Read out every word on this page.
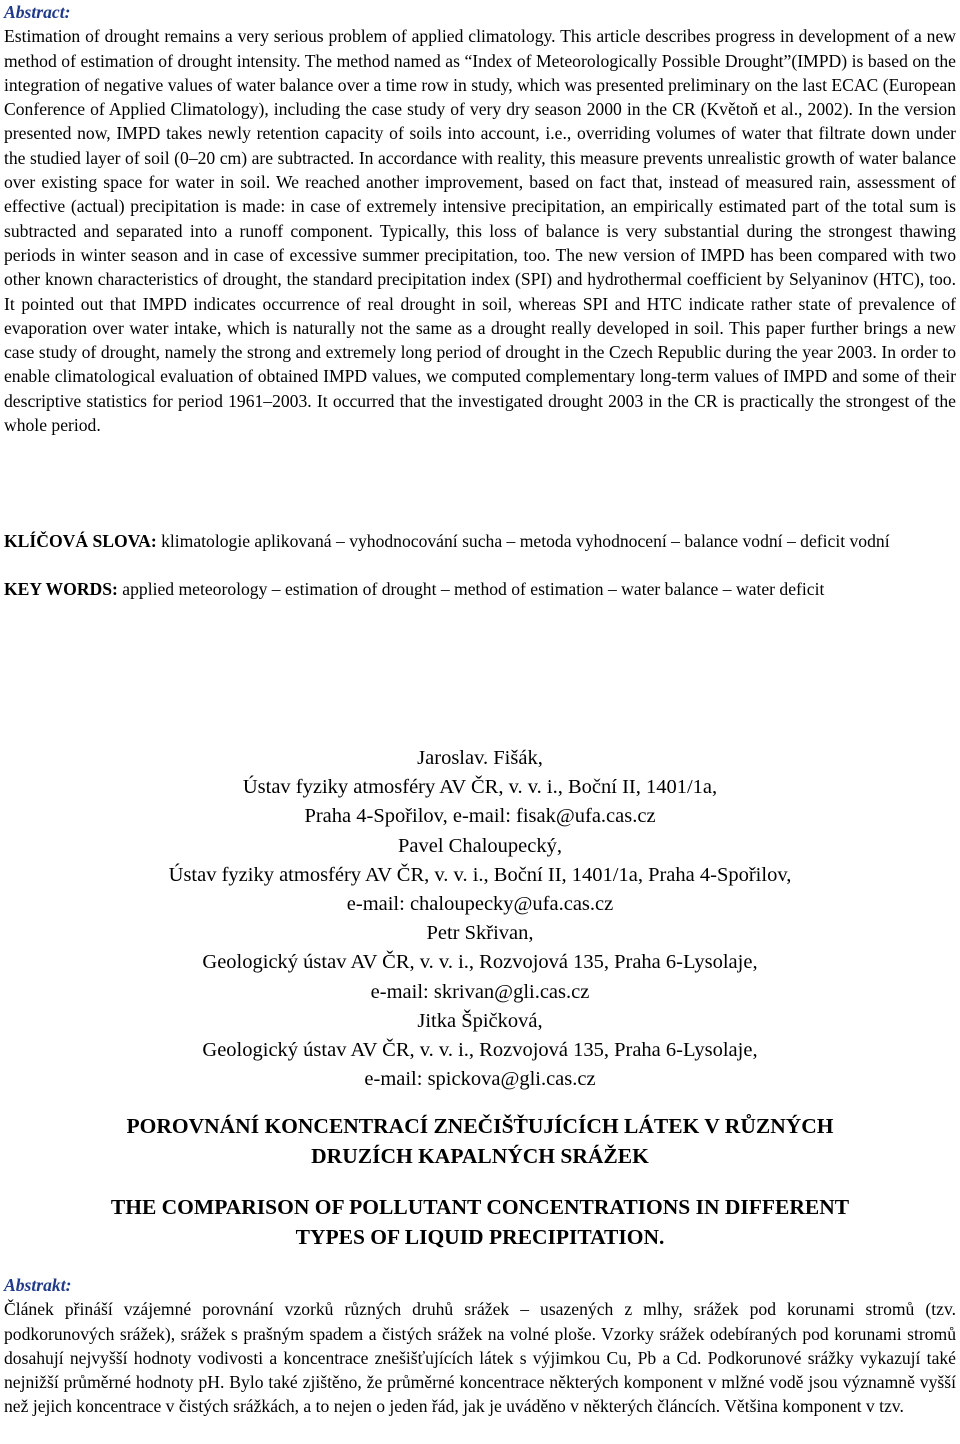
Abstract:

Estimation of drought remains a very serious problem of applied climatology. This article describes progress in development of a new method of estimation of drought intensity. The method named as “Index of Meteorologically Possible Drought”(IMPD) is based on the integration of negative values of water balance over a time row in study, which was presented preliminary on the last ECAC (European Conference of Applied Climatology), including the case study of very dry season 2000 in the CR (Květoň et al., 2002). In the version presented now, IMPD takes newly retention capacity of soils into account, i.e., overriding volumes of water that filtrate down under the studied layer of soil (0–20 cm) are subtracted. In accordance with reality, this measure prevents unrealistic growth of water balance over existing space for water in soil. We reached another improvement, based on fact that, instead of measured rain, assessment of effective (actual) precipitation is made: in case of extremely intensive precipitation, an empirically estimated part of the total sum is subtracted and separated into a runoff component. Typically, this loss of balance is very substantial during the strongest thawing periods in winter season and in case of excessive summer precipitation, too. The new version of IMPD has been compared with two other known characteristics of drought, the standard precipitation index (SPI) and hydrothermal coefficient by Selyaninov (HTC), too. It pointed out that IMPD indicates occurrence of real drought in soil, whereas SPI and HTC indicate rather state of prevalence of evaporation over water intake, which is naturally not the same as a drought really developed in soil. This paper further brings a new case study of drought, namely the strong and extremely long period of drought in the Czech Republic during the year 2003. In order to enable climatological evaluation of obtained IMPD values, we computed complementary long-term values of IMPD and some of their descriptive statistics for period 1961–2003. It occurred that the investigated drought 2003 in the CR is practically the strongest of the whole period.

KLÍČOVÁ SLOVA: klimatologie aplikovaná – vyhodnocování sucha – metoda vyhodnocení – balance vodní – deficit vodní

KEY WORDS: applied meteorology – estimation of drought – method of estimation – water balance – water deficit

Jaroslav. Fišák,
Ústav fyziky atmosféry AV ČR, v. v. i., Boční II, 1401/1a,
Praha 4-Spořilov, e-mail: fisak@ufa.cas.cz
Pavel Chaloupecký,
Ústav fyziky atmosféry AV ČR, v. v. i., Boční II, 1401/1a, Praha 4-Spořilov,
e-mail: chaloupecky@ufa.cas.cz
Petr Skřivan,
Geologický ústav AV ČR, v. v. i., Rozvojová 135, Praha 6-Lysolaje,
e-mail: skrivan@gli.cas.cz
Jitka Špičková,
Geologický ústav AV ČR, v. v. i., Rozvojová 135, Praha 6-Lysolaje,
e-mail: spickova@gli.cas.cz

POROVNÁNÍ KONCENTRACÍ ZNEČIŠŤUJÍCÍCH LÁTEK V RŮZNÝCH

DRUZÍCH KAPALNÝCH SRÁŽEK

THE COMPARISON OF POLLUTANT CONCENTRATIONS IN DIFFERENT

TYPES OF LIQUID PRECIPITATION.

Abstrakt:

Článek přináší vzájemné porovnání vzorků různých druhů srážek – usazených z mlhy, srážek pod korunami stromů (tzv. podkorunových srážek), srážek s prašným spadem a čistých srážek na volné ploše. Vzorky srážek odebíraných pod korunami stromů dosahují nejvyšší hodnoty vodivosti a koncentrace znešišťujících látek s výjimkou Cu, Pb a Cd. Podkorunové srážky vykazují také nejnižší průměrné hodnoty pH. Bylo také zjištěno, že průměrné koncentrace některých komponent v mlžné vodě jsou významně vyšší než jejich koncentrace v čistých srážkách, a to nejen o jeden řád, jak je uváděno v některých článcích. Většina komponent v tzv.
